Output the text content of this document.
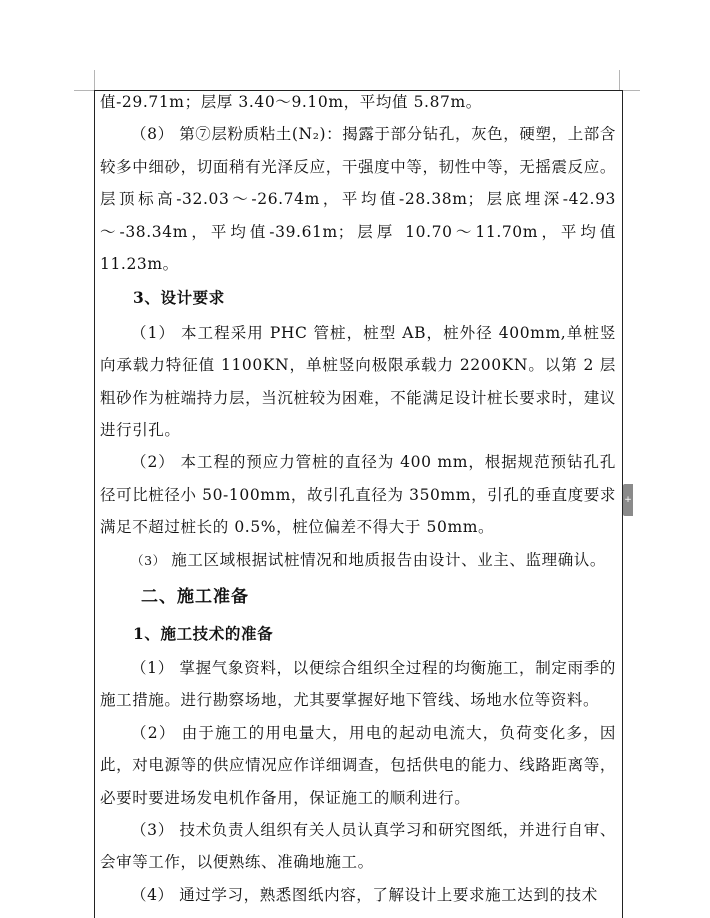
值-29.71m；层厚 3.40～9.10m，平均值 5.87m。

（8） 第⑦层粉质粘土(N₂)：揭露于部分钻孔，灰色，硬塑，上部含较多中细砂，切面稍有光泽反应，干强度中等，韧性中等，无摇震反应。层顶标高-32.03～-26.74m，平均值-28.38m；层底埋深-42.93～-38.34m，平均值-39.61m；层厚 10.70～11.70m，平均值 11.23m。

3、设计要求

（1） 本工程采用 PHC 管桩，桩型 AB，桩外径 400mm,单桩竖向承载力特征值 1100KN，单桩竖向极限承载力 2200KN。以第 2 层粗砂作为桩端持力层，当沉桩较为困难，不能满足设计桩长要求时，建议进行引孔。

（2） 本工程的预应力管桩的直径为 400 mm，根据规范预钻孔孔径可比桩径小 50-100mm，故引孔直径为 350mm，引孔的垂直度要求满足不超过桩长的 0.5%，桩位偏差不得大于 50mm。

（3） 施工区域根据试桩情况和地质报告由设计、业主、监理确认。

二、施工准备

1、施工技术的准备

（1） 掌握气象资料，以便综合组织全过程的均衡施工，制定雨季的施工措施。进行勘察场地，尤其要掌握好地下管线、场地水位等资料。

（2） 由于施工的用电量大，用电的起动电流大，负荷变化多，因此，对电源等的供应情况应作详细调查，包括供电的能力、线路距离等，必要时要进场发电机作备用，保证施工的顺利进行。

（3） 技术负责人组织有关人员认真学习和研究图纸，并进行自审、会审等工作，以便熟练、准确地施工。

（4） 通过学习，熟悉图纸内容，了解设计上要求施工达到的技术

+
